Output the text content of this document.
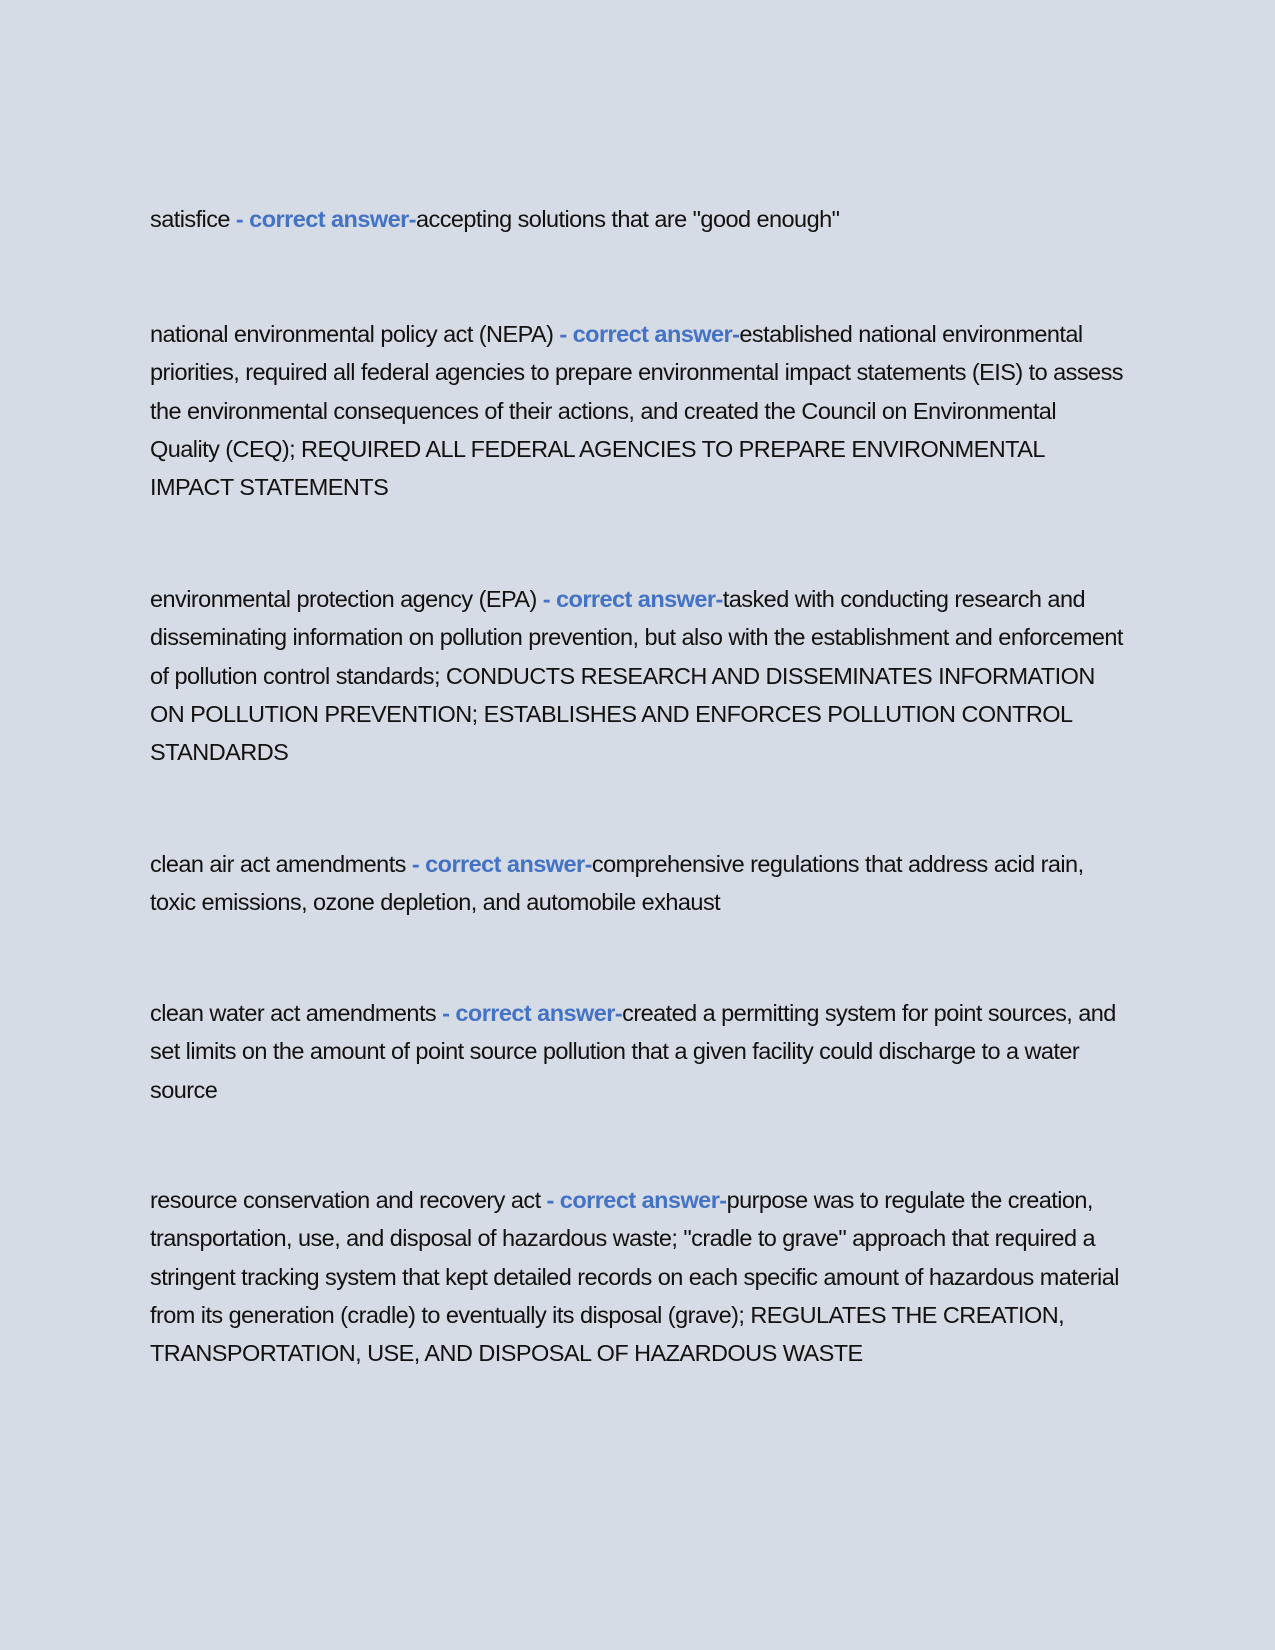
satisfice - correct answer-accepting solutions that are "good enough"

national environmental policy act (NEPA) - correct answer-established national environmental priorities, required all federal agencies to prepare environmental impact statements (EIS) to assess the environmental consequences of their actions, and created the Council on Environmental Quality (CEQ); REQUIRED ALL FEDERAL AGENCIES TO PREPARE ENVIRONMENTAL IMPACT STATEMENTS

environmental protection agency (EPA) - correct answer-tasked with conducting research and disseminating information on pollution prevention, but also with the establishment and enforcement of pollution control standards; CONDUCTS RESEARCH AND DISSEMINATES INFORMATION ON POLLUTION PREVENTION; ESTABLISHES AND ENFORCES POLLUTION CONTROL STANDARDS

clean air act amendments - correct answer-comprehensive regulations that address acid rain, toxic emissions, ozone depletion, and automobile exhaust

clean water act amendments - correct answer-created a permitting system for point sources, and set limits on the amount of point source pollution that a given facility could discharge to a water source

resource conservation and recovery act - correct answer-purpose was to regulate the creation, transportation, use, and disposal of hazardous waste; "cradle to grave" approach that required a stringent tracking system that kept detailed records on each specific amount of hazardous material from its generation (cradle) to eventually its disposal (grave); REGULATES THE CREATION, TRANSPORTATION, USE, AND DISPOSAL OF HAZARDOUS WASTE
